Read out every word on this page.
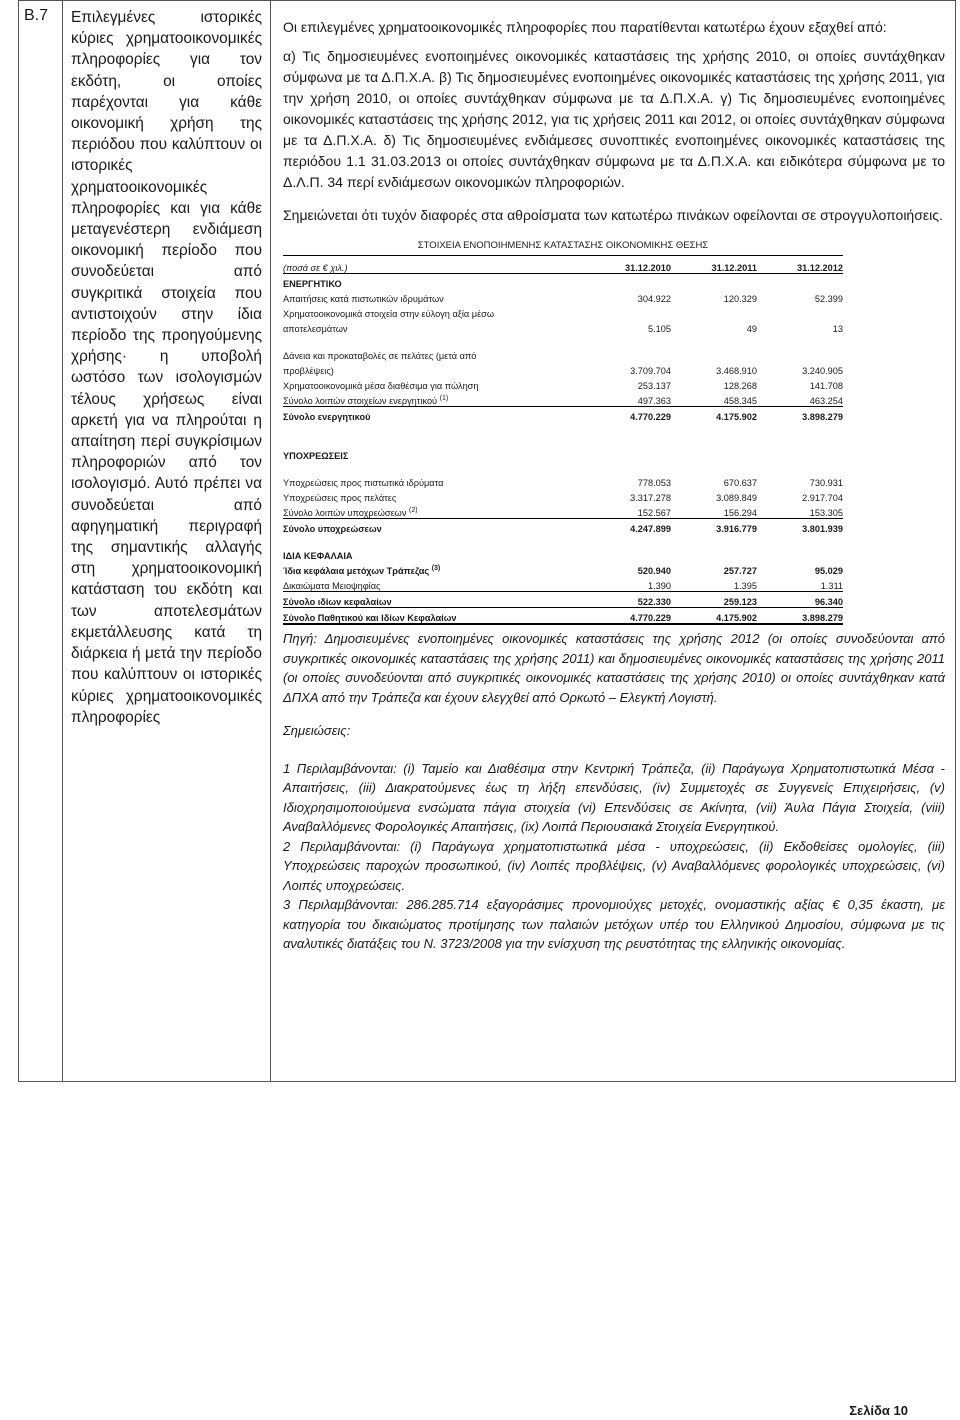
B.7 Επιλεγμένες ιστορικές κύριες χρηματοοικονομικές πληροφορίες για τον εκδότη, οι οποίες παρέχονται για κάθε οικονομική χρήση της περιόδου που καλύπτουν οι ιστορικές χρηματοοικονομικές πληροφορίες και για κάθε μεταγενέστερη ενδιάμεση οικονομική περίοδο που συνοδεύεται από συγκριτικά στοιχεία που αντιστοιχούν στην ίδια περίοδο της προηγούμενης χρήσης· η υποβολή ωστόσο των ισολογισμών τέλους χρήσεως είναι αρκετή για να πληρούται η απαίτηση περί συγκρίσιμων πληροφοριών από τον ισολογισμό. Αυτό πρέπει να συνοδεύεται από αφηγηματική περιγραφή της σημαντικής αλλαγής στη χρηματοοικονομική κατάσταση του εκδότη και των αποτελεσμάτων εκμετάλλευσης κατά τη διάρκεια ή μετά την περίοδο που καλύπτουν οι ιστορικές κύριες χρηματοοικονομικές πληροφορίες

Οι επιλεγμένες χρηματοοικονομικές πληροφορίες που παρατίθενται κατωτέρω έχουν εξαχθεί από:

α) Τις δημοσιευμένες ενοποιημένες οικονομικές καταστάσεις της χρήσης 2010, οι οποίες συντάχθηκαν σύμφωνα με τα Δ.Π.Χ.Α. β) Τις δημοσιευμένες ενοποιημένες οικονομικές καταστάσεις της χρήσης 2011, για την χρήση 2010, οι οποίες συντάχθηκαν σύμφωνα με τα Δ.Π.Χ.Α. γ) Τις δημοσιευμένες ενοποιημένες οικονομικές καταστάσεις της χρήσης 2012, για τις χρήσεις 2011 και 2012, οι οποίες συντάχθηκαν σύμφωνα με τα Δ.Π.Χ.Α. δ) Τις δημοσιευμένες ενδιάμεσες συνοπτικές ενοποιημένες οικονομικές καταστάσεις της περιόδου 1.1 31.03.2013 οι οποίες συντάχθηκαν σύμφωνα με τα Δ.Π.Χ.Α. και ειδικότερα σύμφωνα με το Δ.Λ.Π. 34 περί ενδιάμεσων οικονομικών πληροφοριών.

Σημειώνεται ότι τυχόν διαφορές στα αθροίσματα των κατωτέρω πινάκων οφείλονται σε στρογγυλοποιήσεις.

ΣΤΟΙΧΕΙΑ ΕΝΟΠΟΙΗΜΕΝΗΣ ΚΑΤΑΣΤΑΣΗΣ ΟΙΚΟΝΟΜΙΚΗΣ ΘΕΣΗΣ
(ποσά σε € χιλ.)	31.12.2010	31.12.2011	31.12.2012
ΕΝΕΡΓΗΤΙΚΟ			
Απαιτήσεις κατά πιστωτικών ιδρυμάτων	304.922	120.329	52.399
Χρηματοοικονομικά στοιχεία στην εύλογη αξία μέσω			
αποτελεσμάτων	5.105	49	13

Δάνεια και προκαταβολές σε πελάτες (μετά από			
προβλέψεις)	3.709.704	3.468.910	3.240.905
Χρηματοοικονομικά μέσα διαθέσιμα για πώληση	253.137	128.268	141.708
Σύνολο λοιπών στοιχείων ενεργητικού $^{(1)}$	497.363	458.345	463.254
Σύνολο ενεργητικού	4.770.229	4.175.902	3.898.279

ΥΠΟΧΡΕΩΣΕΙΣ			

Υποχρεώσεις προς πιστωτικά ιδρύματα	778.053	670.637	730.931
Υποχρεώσεις προς πελάτες	3.317.278	3.089.849	2.917.704
Σύνολο λοιπών υποχρεώσεων $^{(2)}$	152.567	156.294	153.305
Σύνολο υποχρεώσεων	4.247.899	3.916.779	3.801.939

ΙΔΙΑ ΚΕΦΑΛΑΙΑ			
Ίδια κεφάλαια μετόχων Τράπεζας $^{(3)}$	520.940	257.727	95.029
Δικαιώματα Μειοψηφίας	1.390	1.395	1.311
Σύνολο ιδίων κεφαλαίων	522.330	259.123	96.340
Σύνολο Παθητικού και Ιδίων Κεφαλαίων	4.770.229	4.175.902	3.898.279

Πηγή: Δημοσιευμένες ενοποιημένες οικονομικές καταστάσεις της χρήσης 2012 (οι οποίες συνοδεύονται από συγκριτικές οικονομικές καταστάσεις της χρήσης 2011) και δημοσιευμένες οικονομικές καταστάσεις της χρήσης 2011 (οι οποίες συνοδεύονται από συγκριτικές οικονομικές καταστάσεις της χρήσης 2010) οι οποίες συντάχθηκαν κατά ΔΠΧΑ από την Τράπεζα και έχουν ελεγχθεί από Ορκωτό – Ελεγκτή Λογιστή.

Σημειώσεις:

1 Περιλαμβάνονται: (i) Ταμείο και Διαθέσιμα στην Κεντρική Τράπεζα, (ii) Παράγωγα Χρηματοπιστωτικά Μέσα - Απαιτήσεις, (iii) Διακρατούμενες έως τη λήξη επενδύσεις, (iv) Συμμετοχές σε Συγγενείς Επιχειρήσεις, (v) Ιδιοχρησιμοποιούμενα ενσώματα πάγια στοιχεία (vi) Επενδύσεις σε Ακίνητα, (vii) Άυλα Πάγια Στοιχεία, (viii) Αναβαλλόμενες Φορολογικές Απαιτήσεις, (ix) Λοιπά Περιουσιακά Στοιχεία Ενεργητικού.

2 Περιλαμβάνονται: (i) Παράγωγα χρηματοπιστωτικά μέσα - υποχρεώσεις, (ii) Εκδοθείσες ομολογίες, (iii) Υποχρεώσεις παροχών προσωπικού, (iv) Λοιπές προβλέψεις, (v) Αναβαλλόμενες φορολογικές υποχρεώσεις, (vi) Λοιπές υποχρεώσεις.

3 Περιλαμβάνονται: 286.285.714 εξαγοράσιμες προνομιούχες μετοχές, ονομαστικής αξίας € 0,35 έκαστη, με κατηγορία του δικαιώματος προτίμησης των παλαιών μετόχων υπέρ του Ελληνικού Δημοσίου, σύμφωνα με τις αναλυτικές διατάξεις του Ν. 3723/2008 για την ενίσχυση της ρευστότητας της ελληνικής οικονομίας.

Σελίδα 10
